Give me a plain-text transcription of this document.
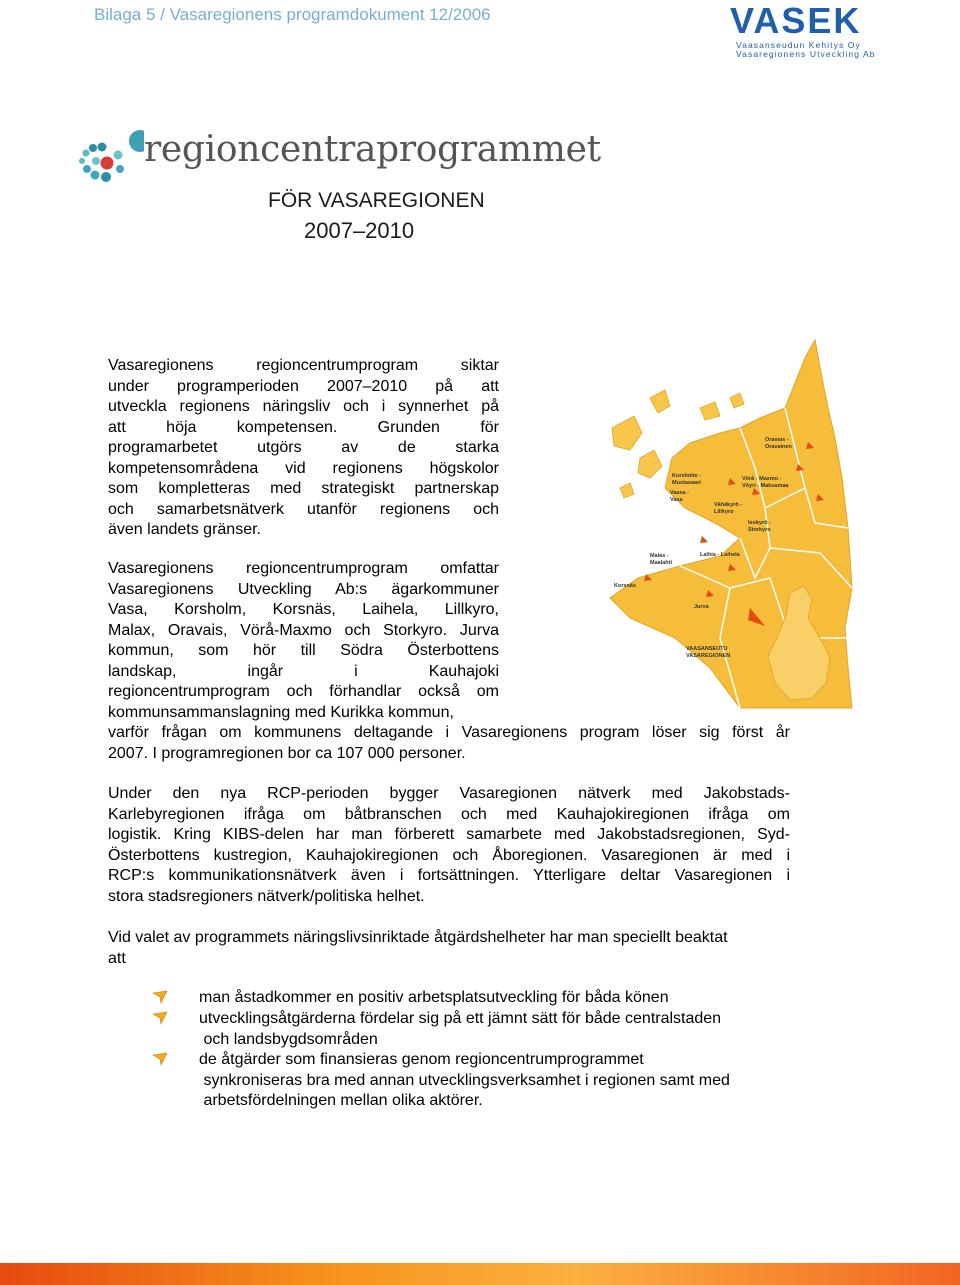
Bilaga 5 / Vasaregionens programdokument 12/2006	VASEK
Vaasanseudun Kehitys Oy
Vasaregionens Utveckling Ab
regioncentraprogrammet
FÖR VASAREGIONEN
2007–2010
Vasaregionens regioncentrumprogram siktar
under programperioden 2007–2010 på att
utveckla regionens näringsliv och i synnerhet på
att höja kompetensen. Grunden för
programarbetet utgörs av de starka
kompetensområdena vid regionens högskolor
som kompletteras med strategiskt partnerskap
och samarbetsnätverk utanför regionens och
även landets gränser.
Vasaregionens regioncentrumprogram omfattar
Vasaregionens Utveckling Ab:s ägarkommuner
Vasa, Korsholm, Korsnäs, Laihela, Lillkyro,
Malax, Oravais, Vörå-Maxmo och Storkyro. Jurva
kommun, som hör till Södra Österbottens
landskap, ingår i Kauhajoki
regioncentrumprogram och förhandlar också om
kommunsammanslagning med Kurikka kommun,
varför frågan om kommunens deltagande i Vasaregionens program löser sig först år
2007. I programregionen bor ca 107 000 personer.
Oravais -
Oravainen
Korsholm -
Mustasaari
Vörå - Maxmo -
Vöyri - Maksamaa
Vaasa -
Vasa
Vähäkyrö -
Lillkyro
Isokyrö -
Storkyro
Malax -
Maalahti
Laihia - Laihela
Korsnäs
Jurva
VAASANSEUTU
VASAREGIONEN
Under den nya RCP-perioden bygger Vasaregionen nätverk med Jakobstads-
Karlebyregionen ifråga om båtbranschen och med Kauhajokiregionen ifråga om
logistik. Kring KIBS-delen har man förberett samarbete med Jakobstadsregionen, Syd-
Österbottens kustregion, Kauhajokiregionen och Åboregionen. Vasaregionen är med i
RCP:s kommunikationsnätverk även i fortsättningen. Ytterligare deltar Vasaregionen i
stora stadsregioners nätverk/politiska helhet.
Vid valet av programmets näringslivsinriktade åtgärdshelheter har man speciellt beaktat
att
man åstadkommer en positiv arbetsplatsutveckling för båda könen
utvecklingsåtgärderna fördelar sig på ett jämnt sätt för både centralstaden
och landsbygdsområden
de åtgärder som finansieras genom regioncentrumprogrammet
synkroniseras bra med annan utvecklingsverksamhet i regionen samt med
arbetsfördelningen mellan olika aktörer.
